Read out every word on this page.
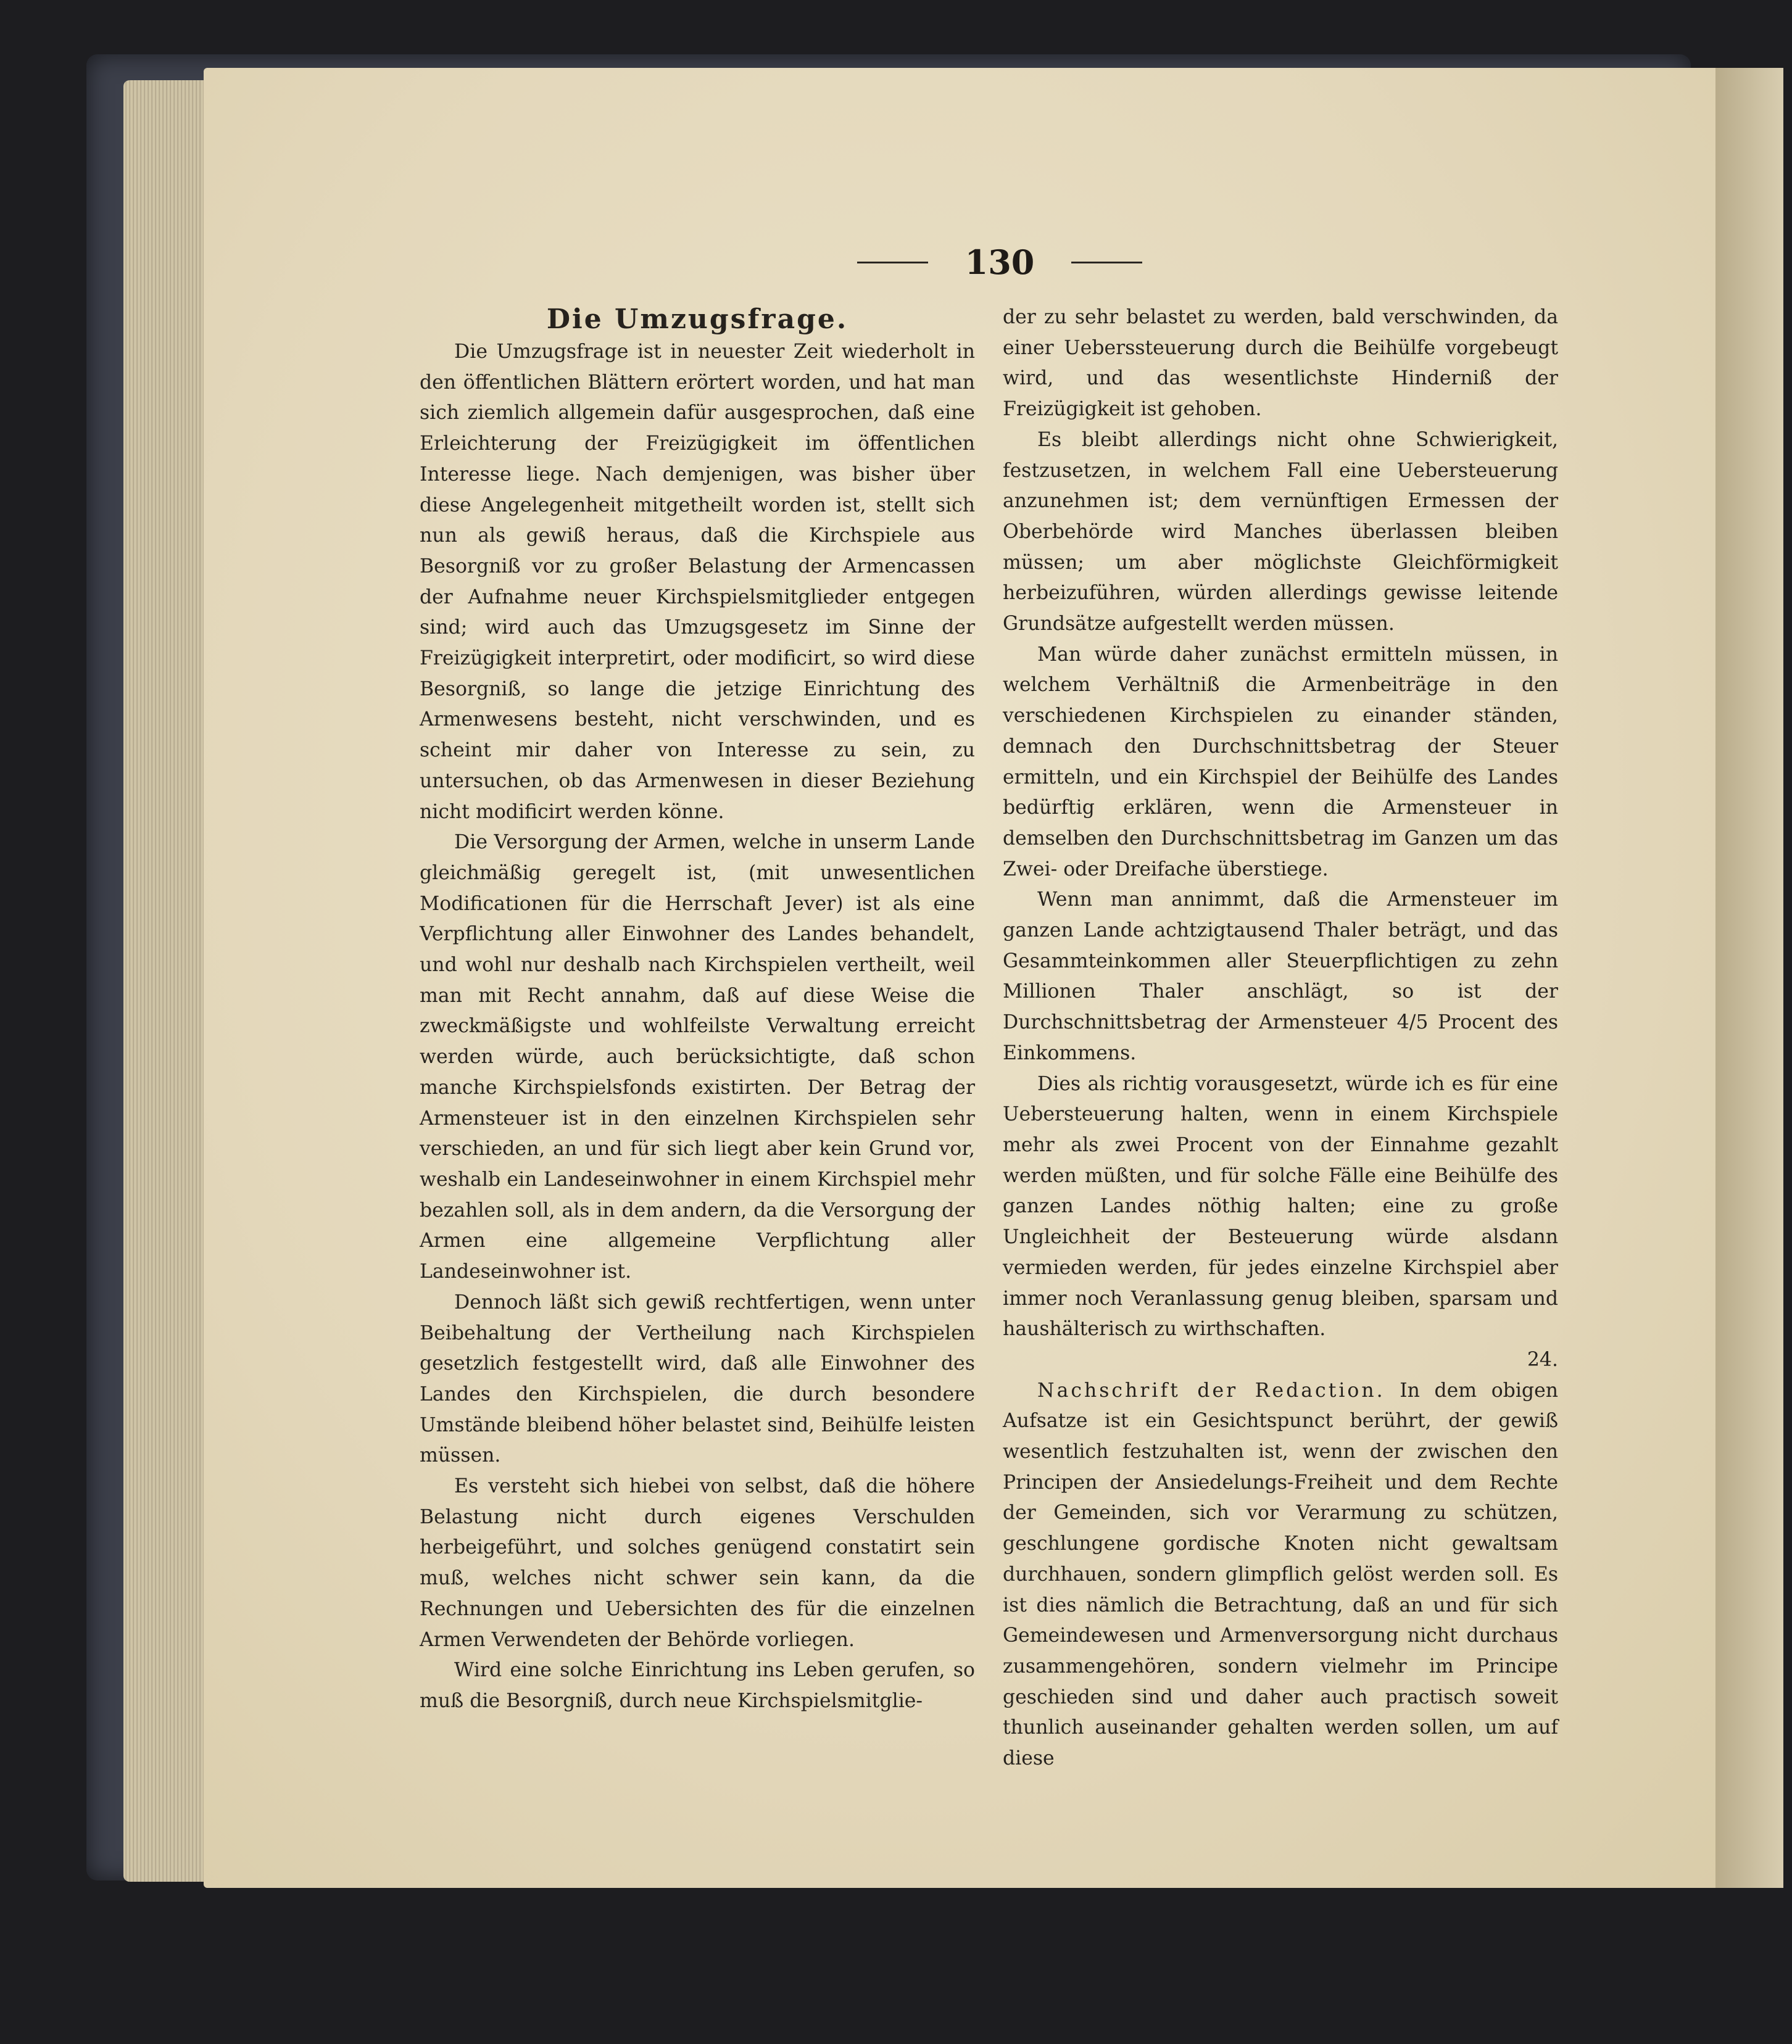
130
Die Umzugsfrage.

Die Umzugsfrage ist in neuester Zeit wiederholt in den öffentlichen Blättern erörtert worden, und hat man sich ziemlich allgemein dafür ausgesprochen, daß eine Erleichterung der Freizügigkeit im öffentlichen Interesse liege. Nach demjenigen, was bisher über diese Angelegenheit mitgetheilt worden ist, stellt sich nun als gewiß heraus, daß die Kirchspiele aus Besorgniß vor zu großer Belastung der Armencassen der Aufnahme neuer Kirchspielsmitglieder entgegen sind; wird auch das Umzugsgesetz im Sinne der Freizügigkeit interpretirt, oder modificirt, so wird diese Besorgniß, so lange die jetzige Einrichtung des Armenwesens besteht, nicht verschwinden, und es scheint mir daher von Interesse zu sein, zu untersuchen, ob das Armenwesen in dieser Beziehung nicht modificirt werden könne.

Die Versorgung der Armen, welche in unserm Lande gleichmäßig geregelt ist, (mit unwesentlichen Modificationen für die Herrschaft Jever) ist als eine Verpflichtung aller Einwohner des Landes behandelt, und wohl nur deshalb nach Kirchspielen vertheilt, weil man mit Recht annahm, daß auf diese Weise die zweckmäßigste und wohlfeilste Verwaltung erreicht werden würde, auch berücksichtigte, daß schon manche Kirchspielsfonds existirten. Der Betrag der Armensteuer ist in den einzelnen Kirchspielen sehr verschieden, an und für sich liegt aber kein Grund vor, weshalb ein Landeseinwohner in einem Kirchspiel mehr bezahlen soll, als in dem andern, da die Versorgung der Armen eine allgemeine Verpflichtung aller Landeseinwohner ist.

Dennoch läßt sich gewiß rechtfertigen, wenn unter Beibehaltung der Vertheilung nach Kirchspielen gesetzlich festgestellt wird, daß alle Einwohner des Landes den Kirchspielen, die durch besondere Umstände bleibend höher belastet sind, Beihülfe leisten müssen.

Es versteht sich hiebei von selbst, daß die höhere Belastung nicht durch eigenes Verschulden herbeigeführt, und solches genügend constatirt sein muß, welches nicht schwer sein kann, da die Rechnungen und Uebersichten des für die einzelnen Armen Verwendeten der Behörde vorliegen.

Wird eine solche Einrichtung ins Leben gerufen, so muß die Besorgniß, durch neue Kirchspielsmitglie-

der zu sehr belastet zu werden, bald verschwinden, da einer Ueberssteuerung durch die Beihülfe vorgebeugt wird, und das wesentlichste Hinderniß der Freizügigkeit ist gehoben.

Es bleibt allerdings nicht ohne Schwierigkeit, festzusetzen, in welchem Fall eine Uebersteuerung anzunehmen ist; dem vernünftigen Ermessen der Oberbehörde wird Manches überlassen bleiben müssen; um aber möglichste Gleichförmigkeit herbeizuführen, würden allerdings gewisse leitende Grundsätze aufgestellt werden müssen.

Man würde daher zunächst ermitteln müssen, in welchem Verhältniß die Armenbeiträge in den verschiedenen Kirchspielen zu einander ständen, demnach den Durchschnittsbetrag der Steuer ermitteln, und ein Kirchspiel der Beihülfe des Landes bedürftig erklären, wenn die Armensteuer in demselben den Durchschnittsbetrag im Ganzen um das Zwei- oder Dreifache überstiege.

Wenn man annimmt, daß die Armensteuer im ganzen Lande achtzigtausend Thaler beträgt, und das Gesammteinkommen aller Steuerpflichtigen zu zehn Millionen Thaler anschlägt, so ist der Durchschnittsbetrag der Armensteuer 4/5 Procent des Einkommens.

Dies als richtig vorausgesetzt, würde ich es für eine Uebersteuerung halten, wenn in einem Kirchspiele mehr als zwei Procent von der Einnahme gezahlt werden müßten, und für solche Fälle eine Beihülfe des ganzen Landes nöthig halten; eine zu große Ungleichheit der Besteuerung würde alsdann vermieden werden, für jedes einzelne Kirchspiel aber immer noch Veranlassung genug bleiben, sparsam und haushälterisch zu wirthschaften.

24.

Nachschrift der Redaction. In dem obigen Aufsatze ist ein Gesichtspunct berührt, der gewiß wesentlich festzuhalten ist, wenn der zwischen den Principen der Ansiedelungs-Freiheit und dem Rechte der Gemeinden, sich vor Verarmung zu schützen, geschlungene gordische Knoten nicht gewaltsam durchhauen, sondern glimpflich gelöst werden soll. Es ist dies nämlich die Betrachtung, daß an und für sich Gemeindewesen und Armenversorgung nicht durchaus zusammengehören, sondern vielmehr im Principe geschieden sind und daher auch practisch soweit thunlich auseinander gehalten werden sollen, um auf diese
